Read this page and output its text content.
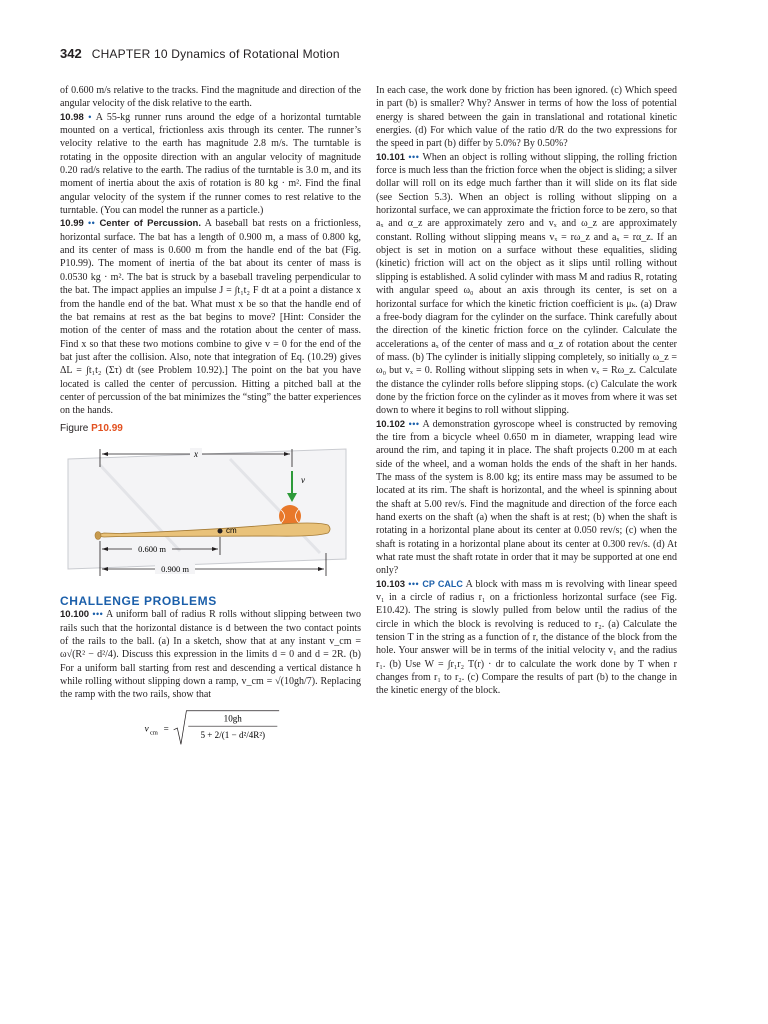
342 CHAPTER 10 Dynamics of Rotational Motion

of 0.600 m/s relative to the tracks. Find the magnitude and direction of the angular velocity of the disk relative to the earth.

10.98 • A 55-kg runner runs around the edge of a horizontal turntable mounted on a vertical, frictionless axis through its center. The runner’s velocity relative to the earth has magnitude 2.8 m/s. The turntable is rotating in the opposite direction with an angular velocity of magnitude 0.20 rad/s relative to the earth. The radius of the turntable is 3.0 m, and its moment of inertia about the axis of rotation is 80 kg · m². Find the final angular velocity of the system if the runner comes to rest relative to the turntable. (You can model the runner as a particle.)

10.99 •• Center of Percussion. A baseball bat rests on a frictionless, horizontal surface. The bat has a length of 0.900 m, a mass of 0.800 kg, and its center of mass is 0.600 m from the handle end of the bat (Fig. P10.99). The moment of inertia of the bat about its center of mass is 0.0530 kg · m². The bat is struck by a baseball traveling perpendicular to the bat. The impact applies an impulse J = ∫t₁t₂ F dt at a point a distance x from the handle end of the bat. What must x be so that the handle end of the bat remains at rest as the bat begins to move? [Hint: Consider the motion of the center of mass and the rotation about the center of mass. Find x so that these two motions combine to give v = 0 for the end of the bat just after the collision. Also, note that integration of Eq. (10.29) gives ΔL = ∫t₁t₂ (Στ) dt (see Problem 10.92).] The point on the bat you have located is called the center of percussion. Hitting a pitched ball at the center of percussion of the bat minimizes the “sting” the batter experiences on the hands.

Figure P10.99
x
v
cm
0.600 m
0.900 m
CHALLENGE PROBLEMS

10.100 ••• A uniform ball of radius R rolls without slipping between two rails such that the horizontal distance is d between the two contact points of the rails to the ball. (a) In a sketch, show that at any instant v_cm = ω√(R² − d²/4). Discuss this expression in the limits d = 0 and d = 2R. (b) For a uniform ball starting from rest and descending a vertical distance h while rolling without slipping down a ramp, v_cm = √(10gh/7). Replacing the ramp with the two rails, show that

v cm =
10gh
5 + 2/(1 − d²/4R²)

In each case, the work done by friction has been ignored. (c) Which speed in part (b) is smaller? Why? Answer in terms of how the loss of potential energy is shared between the gain in translational and rotational kinetic energies. (d) For which value of the ratio d/R do the two expressions for the speed in part (b) differ by 5.0%? By 0.50%?

10.101 ••• When an object is rolling without slipping, the rolling friction force is much less than the friction force when the object is sliding; a silver dollar will roll on its edge much farther than it will slide on its flat side (see Section 5.3). When an object is rolling without slipping on a horizontal surface, we can approximate the friction force to be zero, so that aₓ and α_z are approximately zero and vₓ and ω_z are approximately constant. Rolling without slipping means vₓ = rω_z and aₓ = rα_z. If an object is set in motion on a surface without these equalities, sliding (kinetic) friction will act on the object as it slips until rolling without slipping is established. A solid cylinder with mass M and radius R, rotating with angular speed ω₀ about an axis through its center, is set on a horizontal surface for which the kinetic friction coefficient is μₖ. (a) Draw a free-body diagram for the cylinder on the surface. Think carefully about the direction of the kinetic friction force on the cylinder. Calculate the accelerations aₓ of the center of mass and α_z of rotation about the center of mass. (b) The cylinder is initially slipping completely, so initially ω_z = ω₀ but vₓ = 0. Rolling without slipping sets in when vₓ = Rω_z. Calculate the distance the cylinder rolls before slipping stops. (c) Calculate the work done by the friction force on the cylinder as it moves from where it was set down to where it begins to roll without slipping.

10.102 ••• A demonstration gyroscope wheel is constructed by removing the tire from a bicycle wheel 0.650 m in diameter, wrapping lead wire around the rim, and taping it in place. The shaft projects 0.200 m at each side of the wheel, and a woman holds the ends of the shaft in her hands. The mass of the system is 8.00 kg; its entire mass may be assumed to be located at its rim. The shaft is horizontal, and the wheel is spinning about the shaft at 5.00 rev/s. Find the magnitude and direction of the force each hand exerts on the shaft (a) when the shaft is at rest; (b) when the shaft is rotating in a horizontal plane about its center at 0.050 rev/s; (c) when the shaft is rotating in a horizontal plane about its center at 0.300 rev/s. (d) At what rate must the shaft rotate in order that it may be supported at one end only?

10.103 ••• CP CALC A block with mass m is revolving with linear speed v₁ in a circle of radius r₁ on a frictionless horizontal surface (see Fig. E10.42). The string is slowly pulled from below until the radius of the circle in which the block is revolving is reduced to r₂. (a) Calculate the tension T in the string as a function of r, the distance of the block from the hole. Your answer will be in terms of the initial velocity v₁ and the radius r₁. (b) Use W = ∫r₁r₂ T(r) · dr to calculate the work done by T when r changes from r₁ to r₂. (c) Compare the results of part (b) to the change in the kinetic energy of the block.
